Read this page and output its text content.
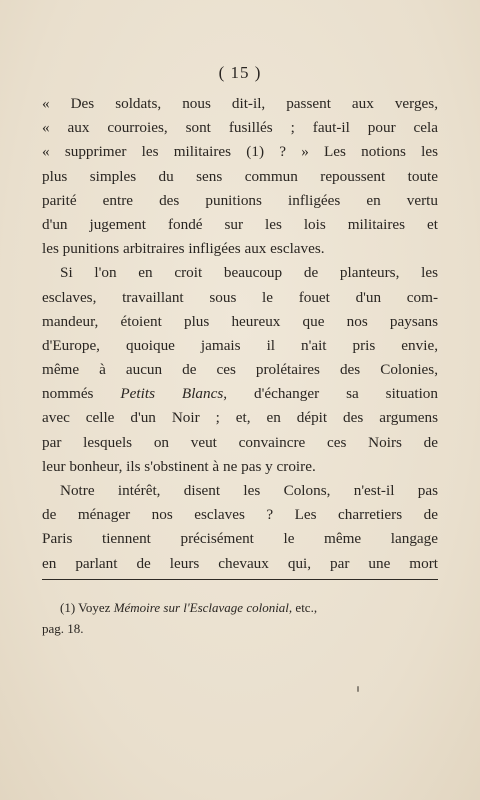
( 15 )
« Des soldats, nous dit-il, passent aux verges,
« aux courroies, sont fusillés ; faut-il pour cela
« supprimer les militaires (1) ? » Les notions les
plus simples du sens commun repoussent toute
parité entre des punitions infligées en vertu
d'un jugement fondé sur les lois militaires et
les punitions arbitraires infligées aux esclaves.
Si l'on en croit beaucoup de planteurs, les
esclaves, travaillant sous le fouet d'un com-
mandeur, étoient plus heureux que nos paysans
d'Europe, quoique jamais il n'ait pris envie,
même à aucun de ces prolétaires des Colonies,
nommés Petits Blancs, d'échanger sa situation
avec celle d'un Noir ; et, en dépit des argumens
par lesquels on veut convaincre ces Noirs de
leur bonheur, ils s'obstinent à ne pas y croire.
Notre intérêt, disent les Colons, n'est-il pas
de ménager nos esclaves ? Les charretiers de
Paris tiennent précisément le même langage
en parlant de leurs chevaux qui, par une mort
(1) Voyez Mémoire sur l'Esclavage colonial, etc.,
pag. 18.
